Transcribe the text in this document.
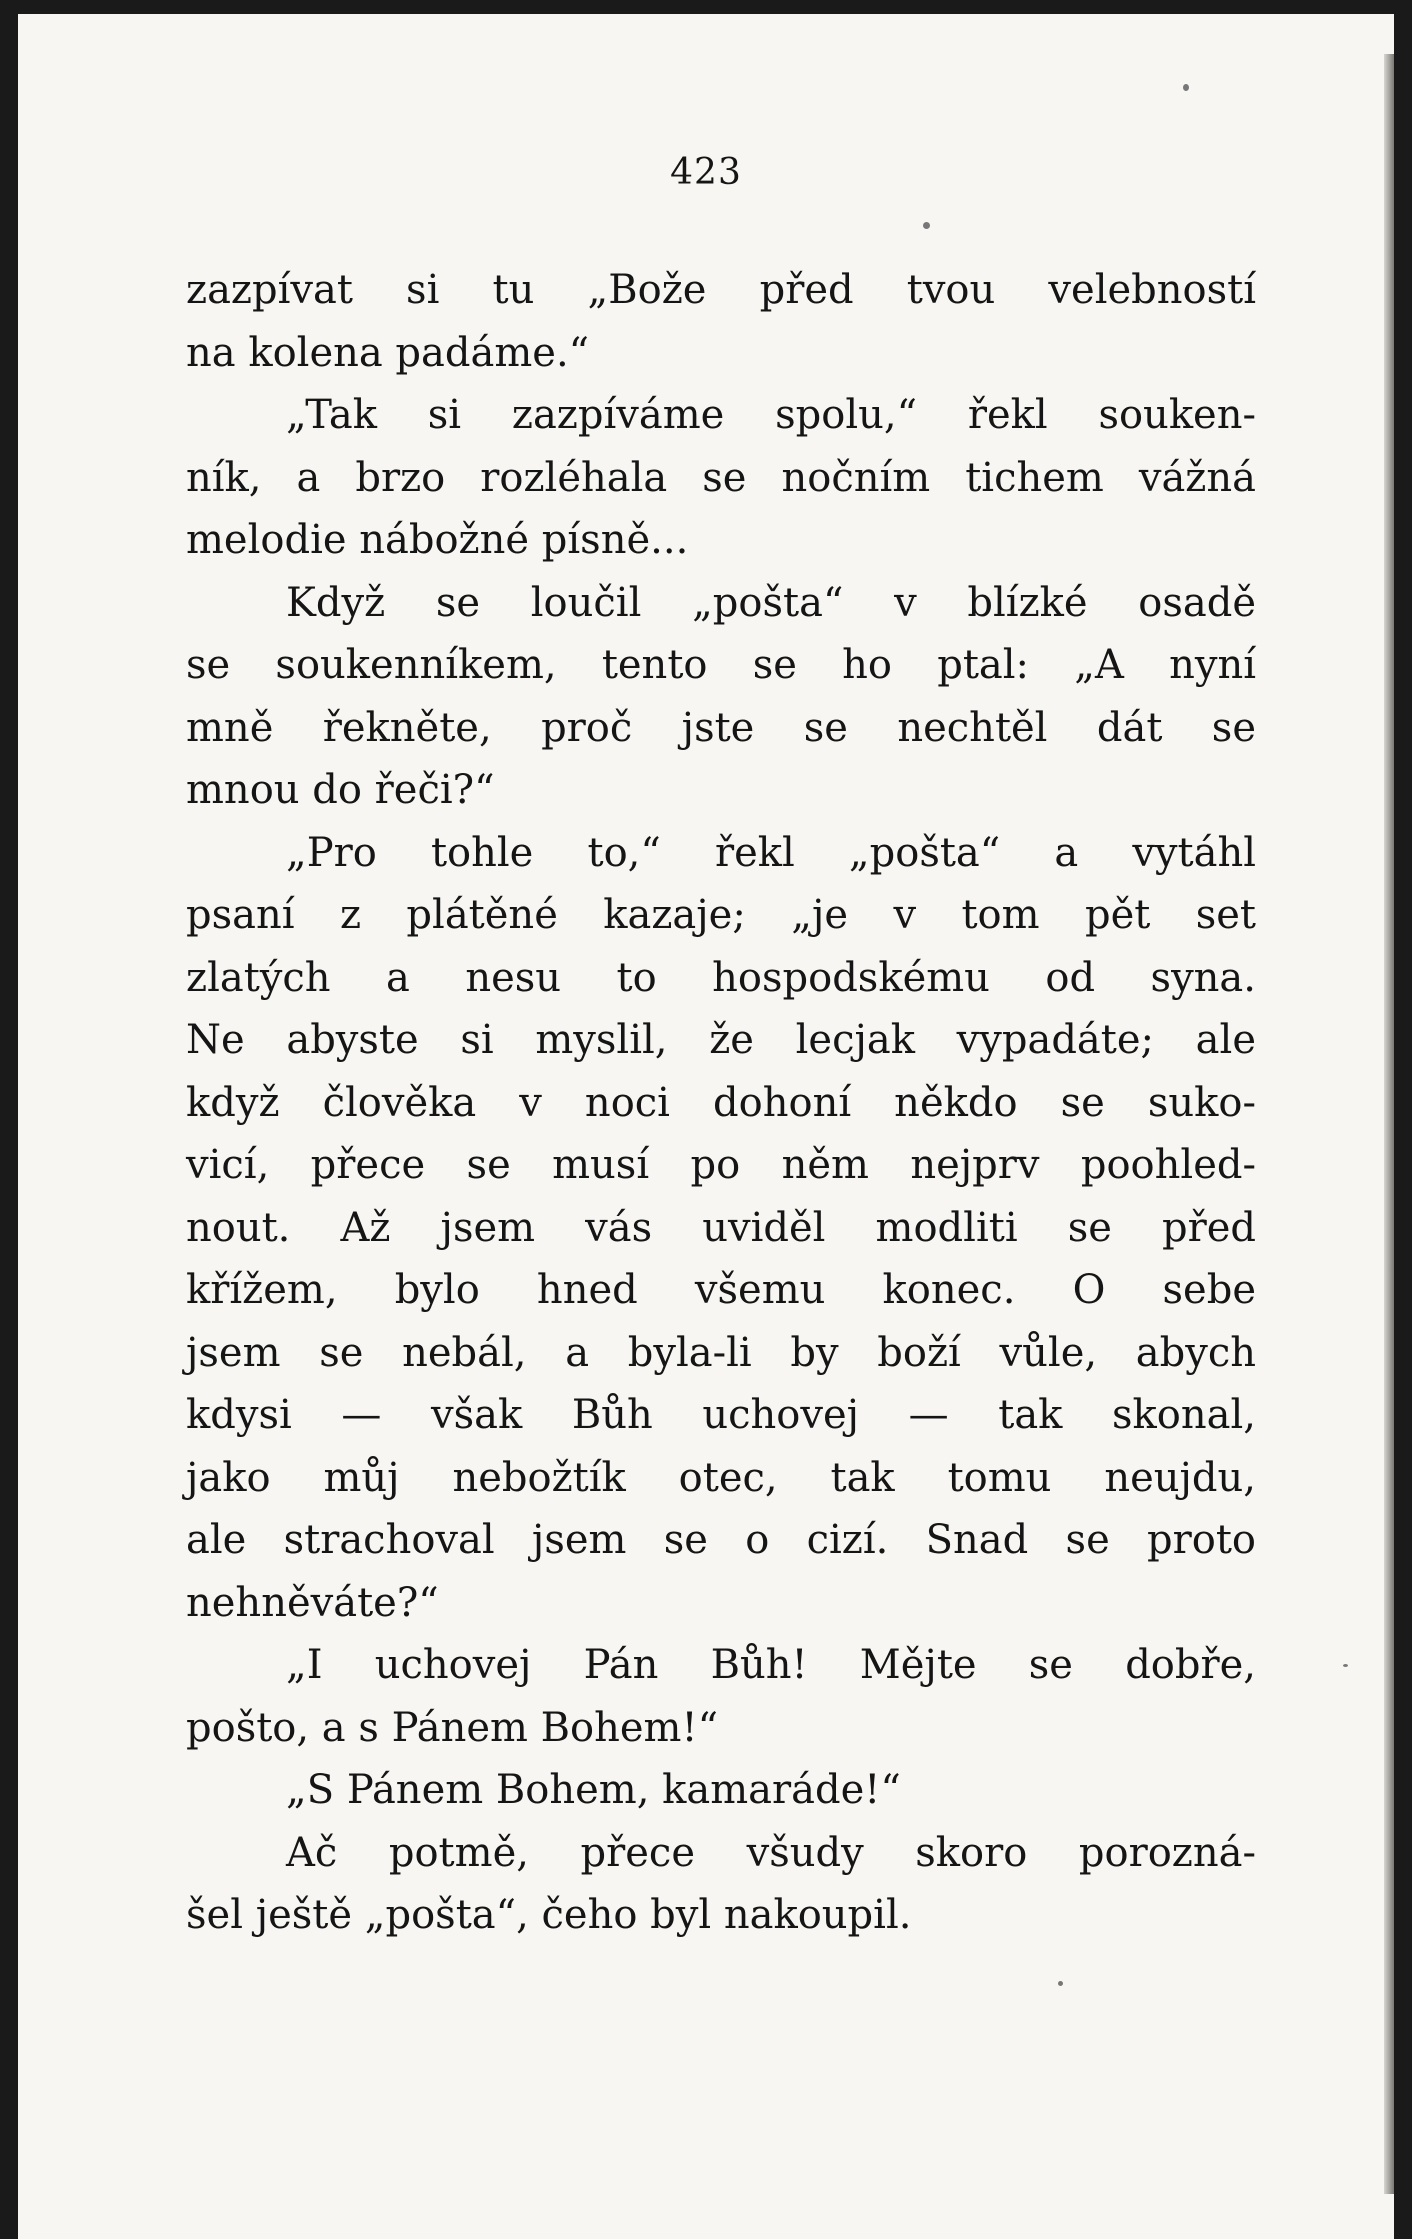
423
zazpívat si tu „Bože před tvou velebností
na kolena padáme.“
„Tak si zazpíváme spolu,“ řekl souken-
ník, a brzo rozléhala se nočním tichem vážná
melodie nábožné písně...
Když se loučil „pošta“ v blízké osadě
se soukenníkem, tento se ho ptal: „A nyní
mně řekněte, proč jste se nechtěl dát se
mnou do řeči?“
„Pro tohle to,“ řekl „pošta“ a vytáhl
psaní z plátěné kazaje; „je v tom pět set
zlatých a nesu to hospodskému od syna.
Ne abyste si myslil, že lecjak vypadáte; ale
když člověka v noci dohoní někdo se suko-
vicí, přece se musí po něm nejprv poohled-
nout. Až jsem vás uviděl modliti se před
křížem, bylo hned všemu konec. O sebe
jsem se nebál, a byla-li by boží vůle, abych
kdysi — však Bůh uchovej — tak skonal,
jako můj nebožtík otec, tak tomu neujdu,
ale strachoval jsem se o cizí. Snad se proto
nehněváte?“
„I uchovej Pán Bůh! Mějte se dobře,
pošto, a s Pánem Bohem!“
„S Pánem Bohem, kamaráde!“
Ač potmě, přece všudy skoro porozná-
šel ještě „pošta“, čeho byl nakoupil.
